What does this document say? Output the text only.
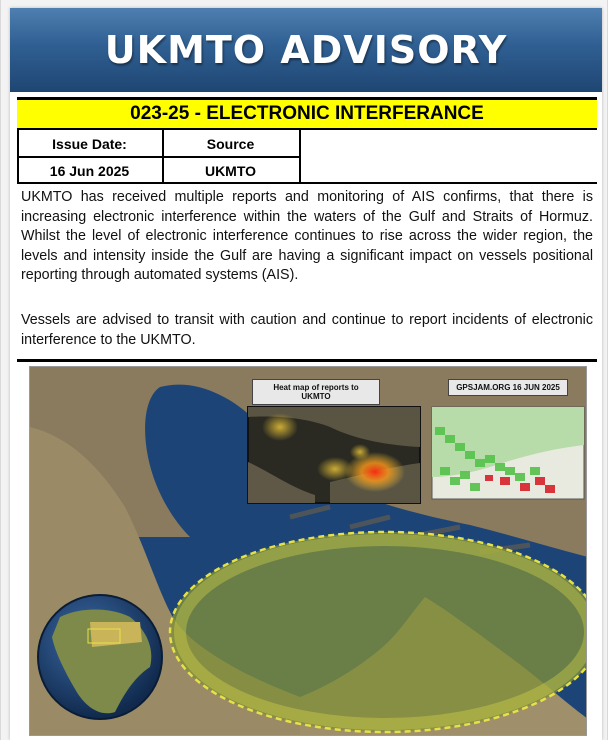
UKMTO ADVISORY
023-25 - ELECTRONIC INTERFERANCE
Issue Date:	Source
16 Jun 2025	UKMTO
UKMTO has received multiple reports and monitoring of AIS confirms, that there is increasing electronic interference within the waters of the Gulf and Straits of Hormuz. Whilst the level of electronic interference continues to rise across the wider region, the levels and intensity inside the Gulf are having a significant impact on vessels positional reporting through automated systems (AIS).
Vessels are advised to transit with caution and continue to report incidents of electronic interference to the UKMTO.
Heat map of reports to UKMTO
GPSJAM.ORG 16 JUN 2025
